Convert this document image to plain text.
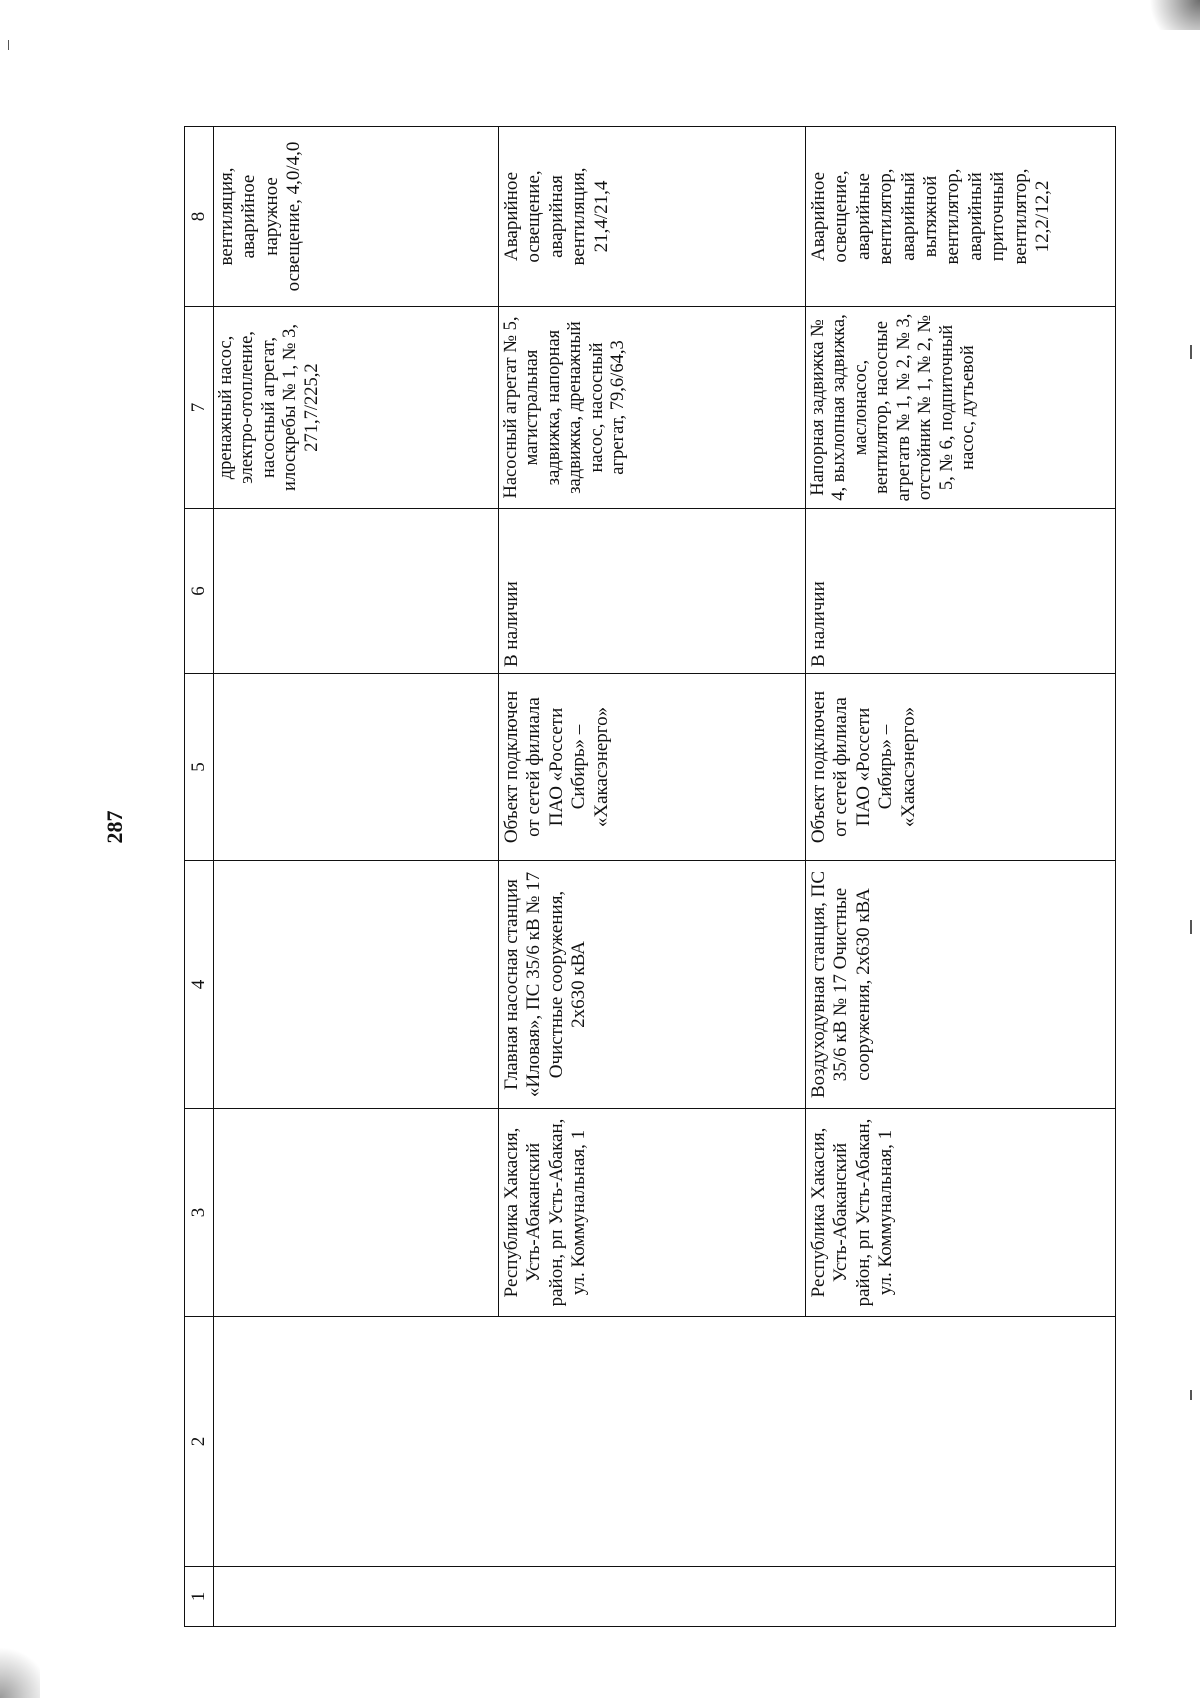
287
1	2	3	4	5	6	7	8
						дренажный насос, электро-отопление, насосный агрегат, илоскребы № 1, № 3, 271,7/225,2	вентиляция, аварийное наружное освещение, 4,0/4,0
		Республика Хакасия, Усть-Абаканский район, рп Усть-Абакан, ул. Коммунальная, 1	Главная насосная станция «Иловая», ПС 35/6 кВ № 17 Очистные сооружения, 2х630 кВА	Объект подключен от сетей филиала ПАО «Россети Сибирь» – «Хакасэнерго»	В наличии	Насосный агрегат № 5, магистральная задвижка, напорная задвижка, дренажный насос, насосный агрегат, 79,6/64,3	Аварийное освещение, аварийная вентиляция, 21,4/21,4
		Республика Хакасия, Усть-Абаканский район, рп Усть-Абакан, ул. Коммунальная, 1	Воздуходувная станция, ПС 35/6 кВ № 17 Очистные сооружения, 2х630 кВА	Объект подключен от сетей филиала ПАО «Россети Сибирь» – «Хакасэнерго»	В наличии	Напорная задвижка № 4, выхлопная задвижка, маслонасос, вентилятор, насосные агрегатв № 1, № 2, № 3, отстойник № 1, № 2, № 5, № 6, подпиточный насос, дутьевой	Аварийное освещение, аварийные вентилятор, аварийный вытяжной вентилятор, аварийный приточный вентилятор, 12,2/12,2
